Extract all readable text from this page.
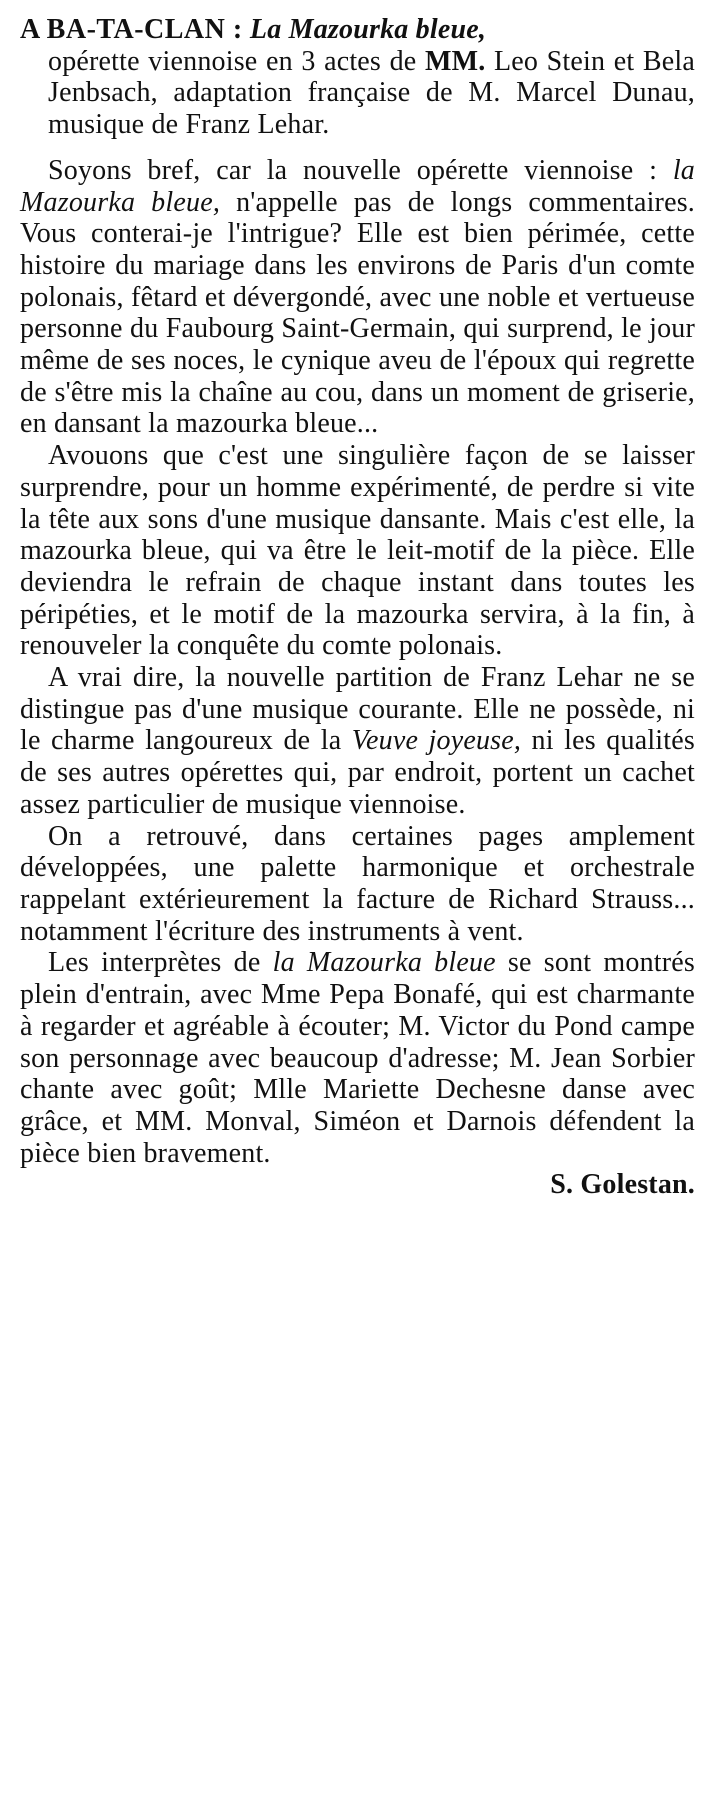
A BA-TA-CLAN : La Mazourka bleue,

opérette viennoise en 3 actes de MM. Leo Stein et Bela Jenbsach, adaptation française de M. Marcel Dunau, musique de Franz Lehar.

Soyons bref, car la nouvelle opérette viennoise : la Mazourka bleue, n'appelle pas de longs commentaires. Vous conterai-je l'intrigue? Elle est bien périmée, cette histoire du mariage dans les environs de Paris d'un comte polonais, fêtard et dévergondé, avec une noble et vertueuse personne du Faubourg Saint-Germain, qui surprend, le jour même de ses noces, le cynique aveu de l'époux qui regrette de s'être mis la chaîne au cou, dans un moment de griserie, en dansant la mazourka bleue...

Avouons que c'est une singulière façon de se laisser surprendre, pour un homme expérimenté, de perdre si vite la tête aux sons d'une musique dansante. Mais c'est elle, la mazourka bleue, qui va être le leit-motif de la pièce. Elle deviendra le refrain de chaque instant dans toutes les péripéties, et le motif de la mazourka servira, à la fin, à renouveler la conquête du comte polonais.

A vrai dire, la nouvelle partition de Franz Lehar ne se distingue pas d'une musique courante. Elle ne possède, ni le charme langoureux de la Veuve joyeuse, ni les qualités de ses autres opérettes qui, par endroit, portent un cachet assez particulier de musique viennoise.

On a retrouvé, dans certaines pages amplement développées, une palette harmonique et orchestrale rappelant extérieurement la facture de Richard Strauss... notamment l'écriture des instruments à vent.

Les interprètes de la Mazourka bleue se sont montrés plein d'entrain, avec Mme Pepa Bonafé, qui est charmante à regarder et agréable à écouter; M. Victor du Pond campe son personnage avec beaucoup d'adresse; M. Jean Sorbier chante avec goût; Mlle Mariette Dechesne danse avec grâce, et MM. Monval, Siméon et Darnois défendent la pièce bien bravement.

S. Golestan.
